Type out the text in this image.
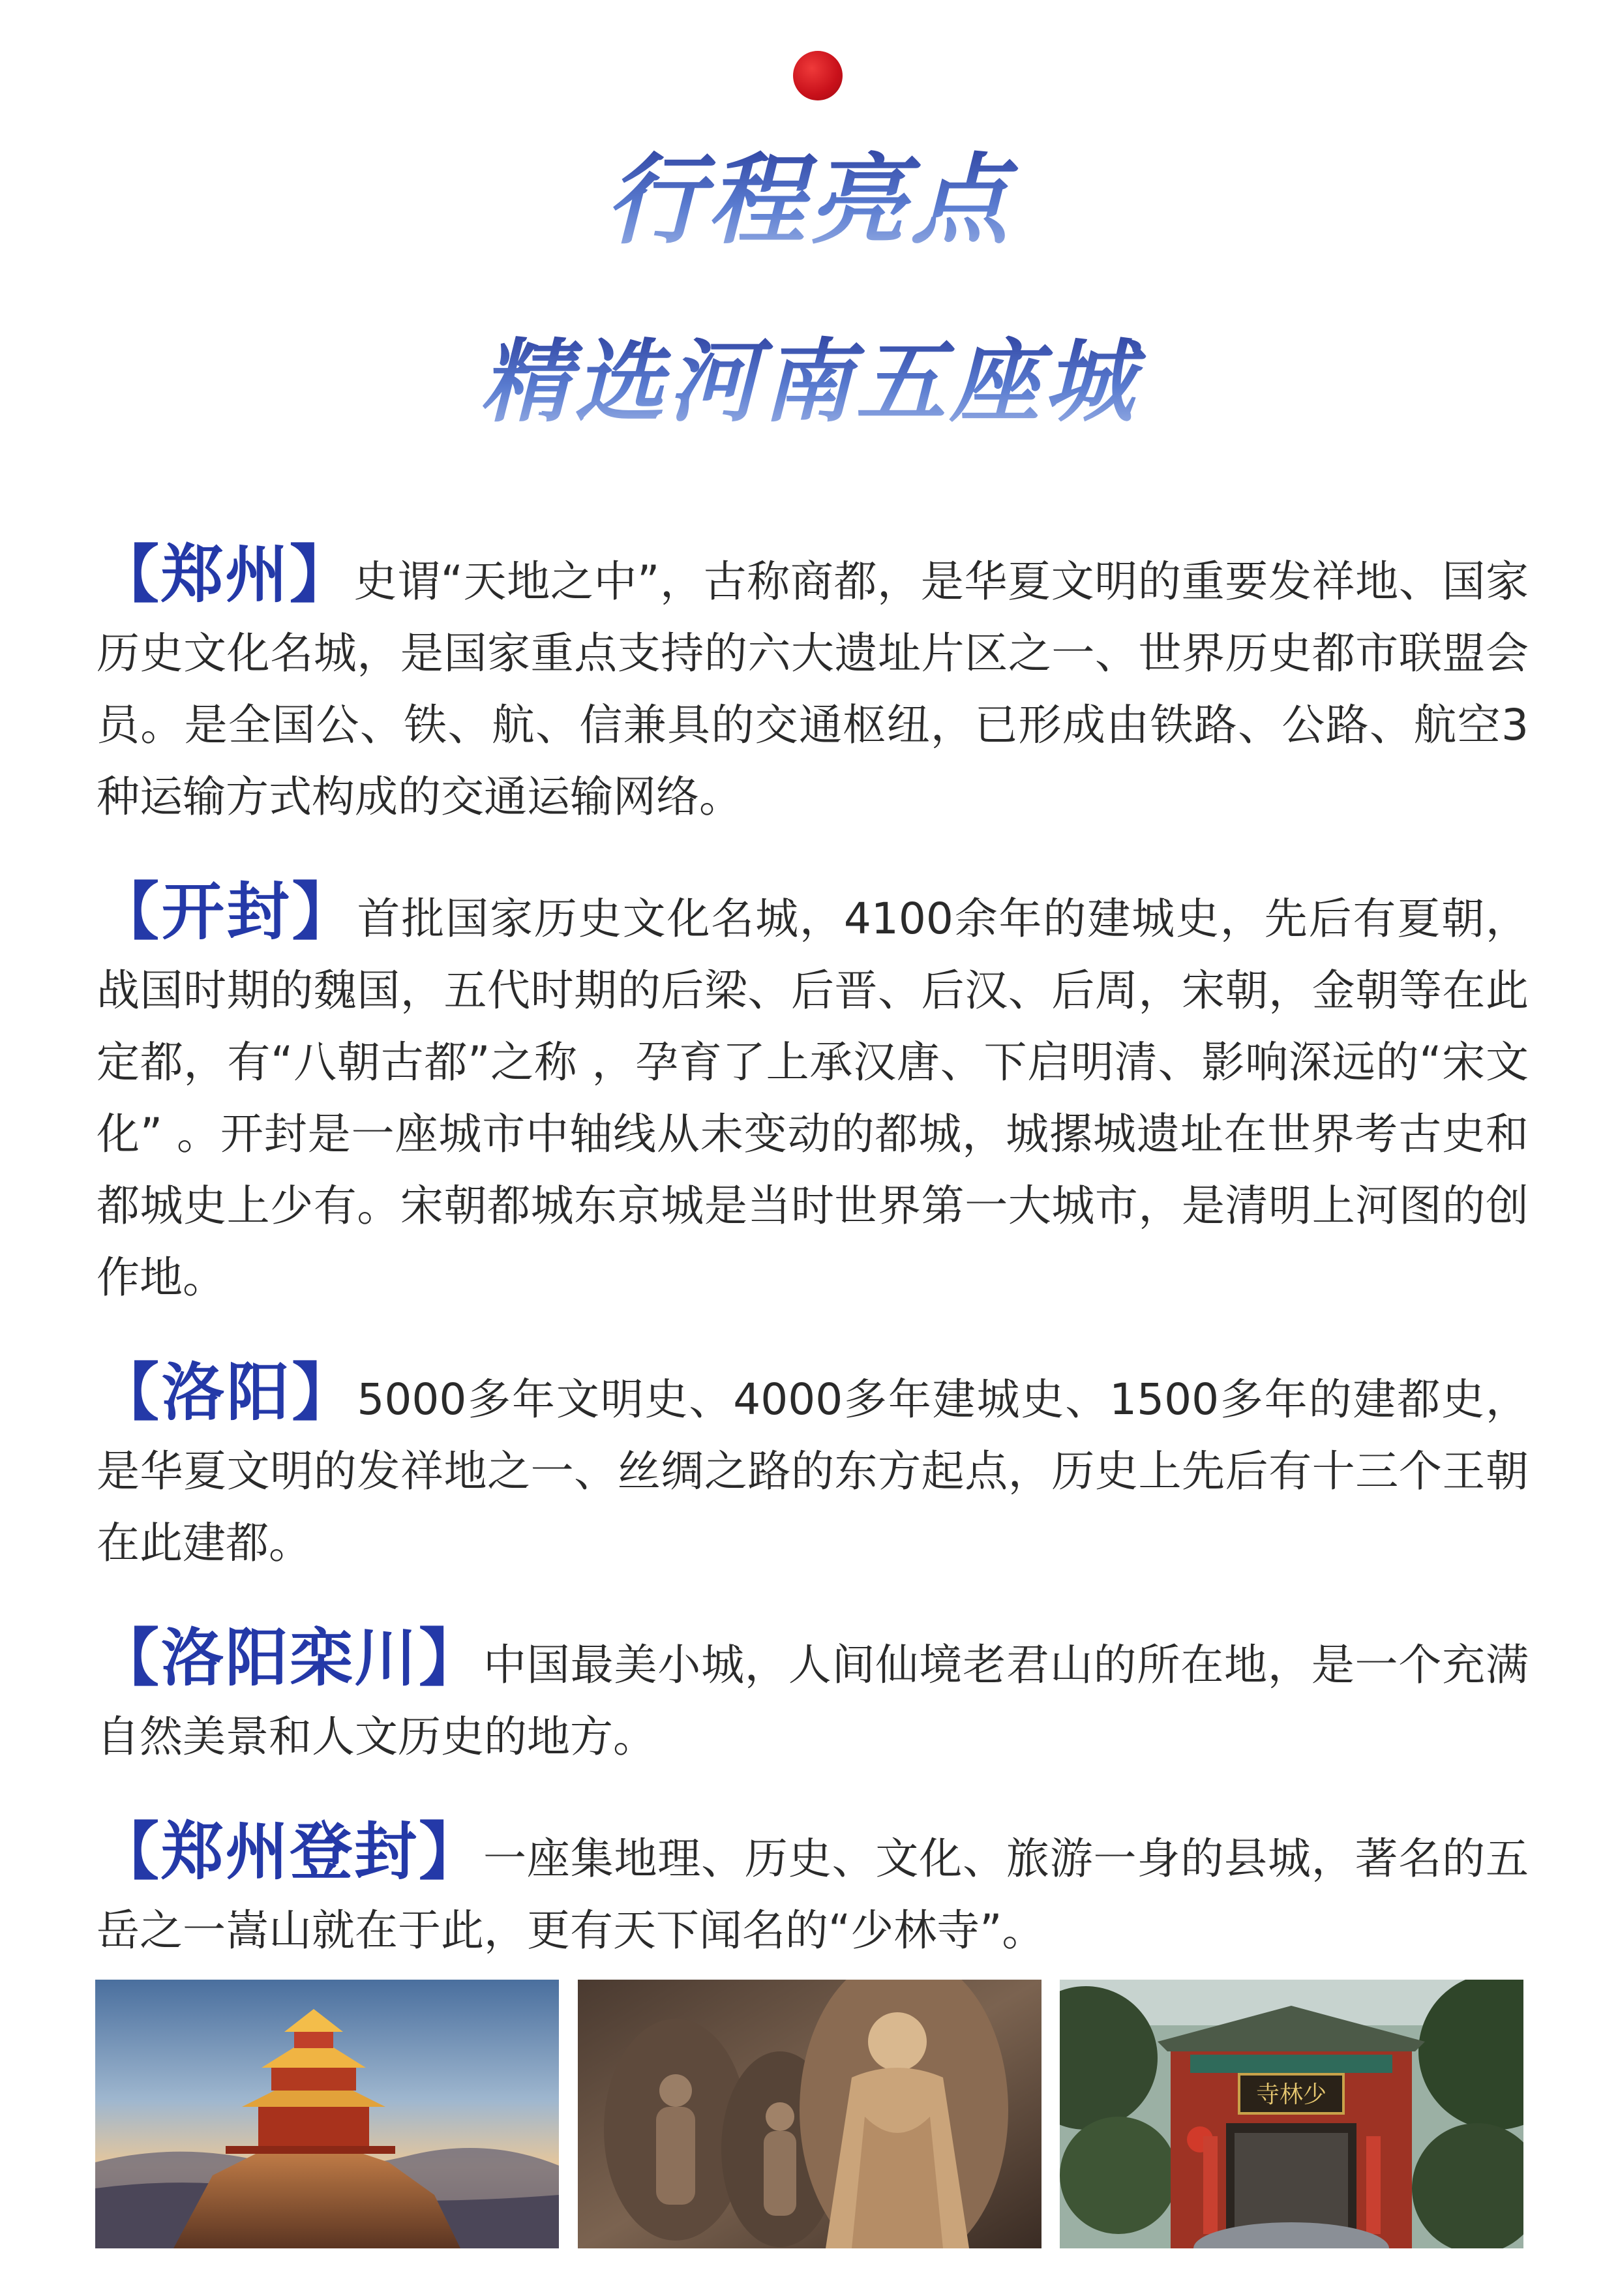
行程亮点
精选河南五座城

【郑州】史谓“天地之中”，古称商都，是华夏文明的重要发祥地、国家历史文化名城，是国家重点支持的六大遗址片区之一、世界历史都市联盟会员。是全国公、铁、航、信兼具的交通枢纽，已形成由铁路、公路、航空3种运输方式构成的交通运输网络。

【开封】首批国家历史文化名城，4100余年的建城史，先后有夏朝，战国时期的魏国，五代时期的后梁、后晋、后汉、后周，宋朝，金朝等在此定都，有“八朝古都”之称 ，孕育了上承汉唐、下启明清、影响深远的“宋文化” 。开封是一座城市中轴线从未变动的都城，城摞城遗址在世界考古史和都城史上少有。宋朝都城东京城是当时世界第一大城市，是清明上河图的创作地。

【洛阳】5000多年文明史、4000多年建城史、1500多年的建都史，是华夏文明的发祥地之一、丝绸之路的东方起点，历史上先后有十三个王朝在此建都。

【洛阳栾川】中国最美小城，人间仙境老君山的所在地，是一个充满自然美景和人文历史的地方。

【郑州登封】一座集地理、历史、文化、旅游一身的县城，著名的五岳之一嵩山就在于此，更有天下闻名的“少林寺”。

寺林少
